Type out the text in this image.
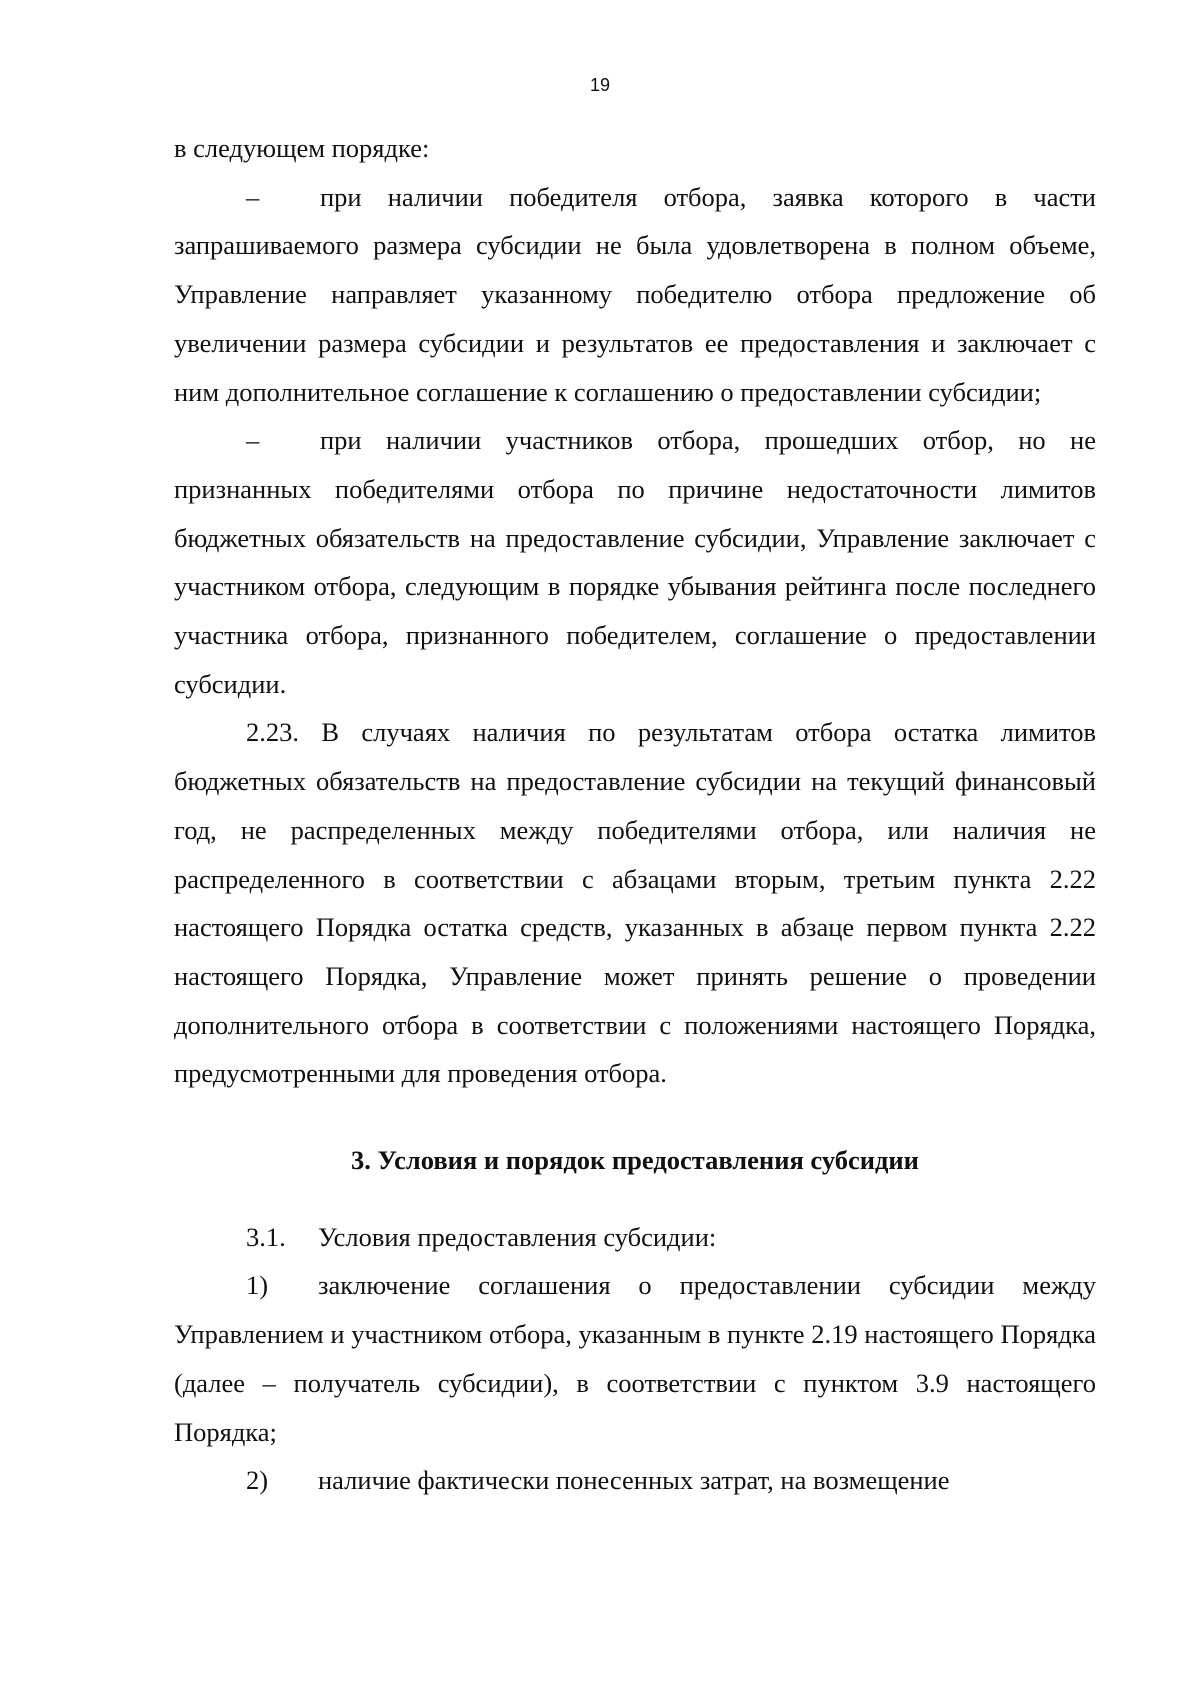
19

в следующем порядке:

– при наличии победителя отбора, заявка которого в части запрашиваемого размера субсидии не была удовлетворена в полном объеме, Управление направляет указанному победителю отбора предложение об увеличении размера субсидии и результатов ее предоставления и заключает с ним дополнительное соглашение к соглашению о предоставлении субсидии;

– при наличии участников отбора, прошедших отбор, но не признанных победителями отбора по причине недостаточности лимитов бюджетных обязательств на предоставление субсидии, Управление заключает с участником отбора, следующим в порядке убывания рейтинга после последнего участника отбора, признанного победителем, соглашение о предоставлении субсидии.

2.23. В случаях наличия по результатам отбора остатка лимитов бюджетных обязательств на предоставление субсидии на текущий финансовый год, не распределенных между победителями отбора, или наличия не распределенного в соответствии с абзацами вторым, третьим пункта 2.22 настоящего Порядка остатка средств, указанных в абзаце первом пункта 2.22 настоящего Порядка, Управление может принять решение о проведении дополнительного отбора в соответствии с положениями настоящего Порядка, предусмотренными для проведения отбора.

3. Условия и порядок предоставления субсидии

3.1. Условия предоставления субсидии:

1) заключение соглашения о предоставлении субсидии между Управлением и участником отбора, указанным в пункте 2.19 настоящего Порядка (далее – получатель субсидии), в соответствии с пунктом 3.9 настоящего Порядка;

2) наличие фактически понесенных затрат, на возмещение
